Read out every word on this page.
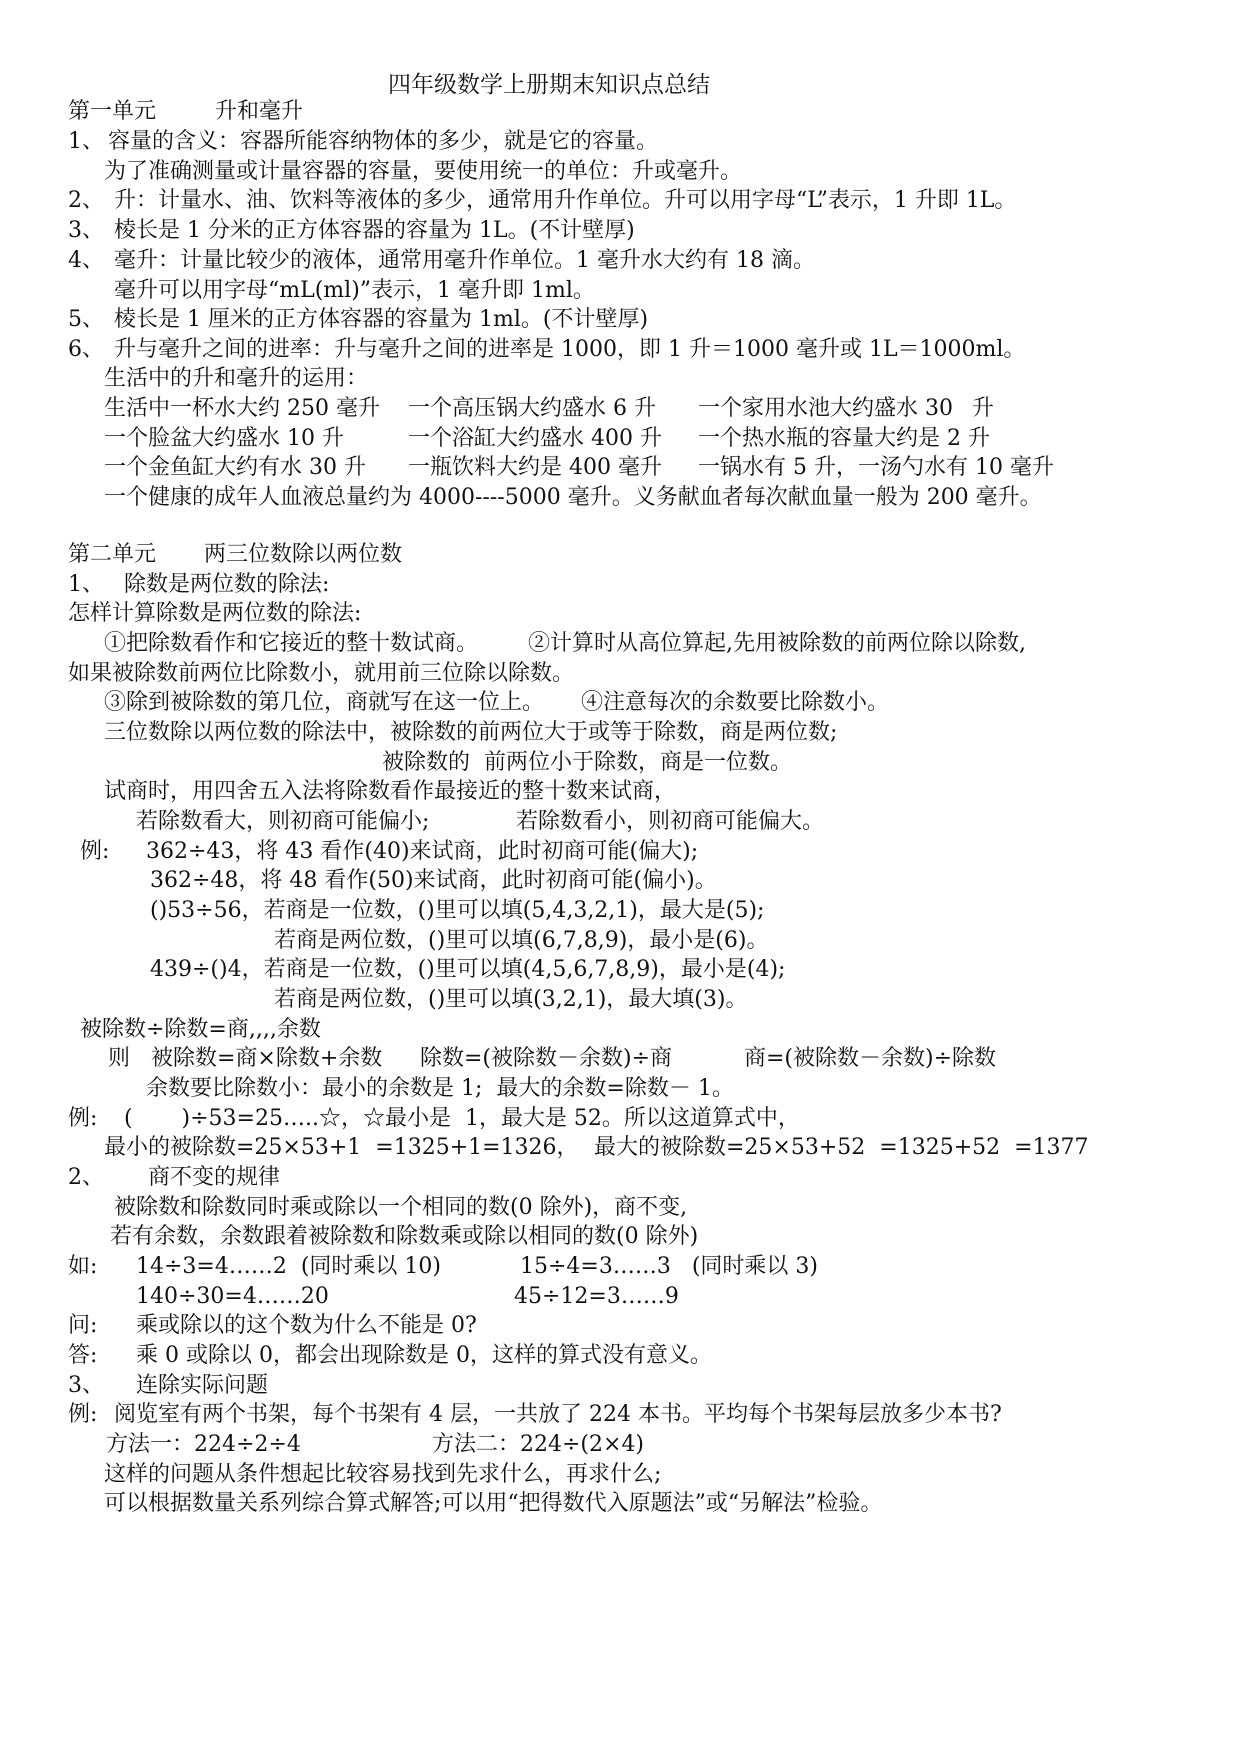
四年级数学上册期末知识点总结
第一单元	升和毫升
1、 容量的含义：容器所能容纳物体的多少，就是它的容量。
为了准确测量或计量容器的容量，要使用统一的单位：升或毫升。
2、 升：计量水、油、饮料等液体的多少，通常用升作单位。升可以用字母“L”表示，1 升即 1L。
3、 棱长是 1 分米的正方体容器的容量为 1L。(不计壁厚)
4、 毫升：计量比较少的液体，通常用毫升作单位。1 毫升水大约有 18 滴。
毫升可以用字母“mL(ml)”表示，1 毫升即 1ml。
5、 棱长是 1 厘米的正方体容器的容量为 1ml。(不计壁厚)
6、 升与毫升之间的进率：升与毫升之间的进率是 1000，即 1 升＝1000 毫升或 1L＝1000ml。
生活中的升和毫升的运用：
生活中一杯水大约 250 毫升 一个高压锅大约盛水 6 升 一个家用水池大约盛水 30 升
一个脸盆大约盛水 10 升	一个浴缸大约盛水 400 升 一个热水瓶的容量大约是 2 升
一个金鱼缸大约有水 30 升 一瓶饮料大约是 400 毫升 一锅水有 5 升，一汤勺水有 10 毫升
一个健康的成年人血液总量约为 4000----5000 毫升。义务献血者每次献血量一般为 200 毫升。
第二单元 两三位数除以两位数
1、 除数是两位数的除法:
怎样计算除数是两位数的除法:
①把除数看作和它接近的整十数试商。 ②计算时从高位算起,先用被除数的前两位除以除数,
如果被除数前两位比除数小，就用前三位除以除数。
③除到被除数的第几位，商就写在这一位上。 ④注意每次的余数要比除数小。
三位数除以两位数的除法中，被除数的前两位大于或等于除数，商是两位数;
被除数的  前两位小于除数，商是一位数。
试商时，用四舍五入法将除数看作最接近的整十数来试商，
若除数看大，则初商可能偏小;	若除数看小，则初商可能偏大。
例: 362÷43，将 43 看作(40)来试商，此时初商可能(偏大);
362÷48，将 48 看作(50)来试商，此时初商可能(偏小)。
()53÷56，若商是一位数，()里可以填(5,4,3,2,1)，最大是(5);
若商是两位数，()里可以填(6,7,8,9)，最小是(6)。
439÷()4，若商是一位数，()里可以填(4,5,6,7,8,9)，最小是(4);
若商是两位数，()里可以填(3,2,1)，最大填(3)。
被除数÷除数=商,,,,余数
则   被除数=商×除数+余数 除数=(被除数－余数)÷商	商=(被除数－余数)÷除数
余数要比除数小：最小的余数是 1;  最大的余数=除数－ 1。
例: (       )÷53=25…..☆，☆最小是  1，最大是 52。所以这道算式中，
最小的被除数=25×53+1  =1325+1=1326， 最大的被除数=25×53+52  =1325+52  =1377
2、 商不变的规律
被除数和除数同时乘或除以一个相同的数(0 除外)，商不变,
若有余数，余数跟着被除数和除数乘或除以相同的数(0 除外)
如: 14÷3=4……2  (同时乘以 10)	15÷4=3……3   (同时乘以 3)
140÷30=4……20	45÷12=3……9
问: 乘或除以的这个数为什么不能是 0?
答: 乘 0 或除以 0，都会出现除数是 0，这样的算式没有意义。
3、 连除实际问题
例: 阅览室有两个书架，每个书架有 4 层，一共放了 224 本书。平均每个书架每层放多少本书?
方法一：224÷2÷4	方法二：224÷(2×4)
这样的问题从条件想起比较容易找到先求什么，再求什么;
可以根据数量关系列综合算式解答;可以用“把得数代入原题法”或“另解法”检验。
